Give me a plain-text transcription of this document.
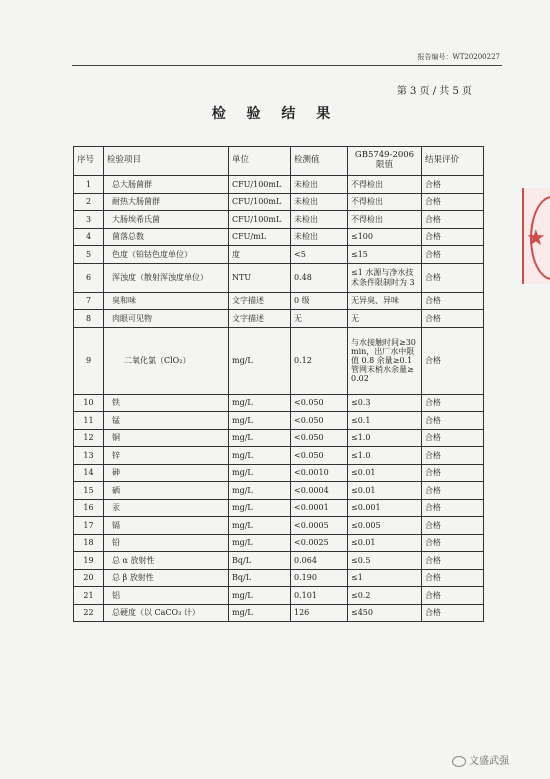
报告编号：WT20200227
第 3 页 / 共 5 页
检 验 结 果
序号	检验项目	单位	检测值	GB5749-2006 限值	结果评价
1	总大肠菌群	CFU/100mL	未检出	不得检出	合格
2	耐热大肠菌群	CFU/100mL	未检出	不得检出	合格
3	大肠埃希氏菌	CFU/100mL	未检出	不得检出	合格
4	菌落总数	CFU/mL	未检出	≤100	合格
5	色度（铂钴色度单位）	度	<5	≤15	合格
6	浑浊度（散射浑浊度单位）	NTU	0.48	≤1 水源与净水技术条件限制时为 3	合格
7	臭和味	文字描述	0 级	无异臭、异味	合格
8	肉眼可见物	文字描述	无	无	合格
9	二氧化氯（ClO₂）	mg/L	0.12	与水接触时间≥30min，出厂水中限值 0.8 余量≥0.1 管网末梢水余量≥0.02	合格
10	铁	mg/L	<0.050	≤0.3	合格
11	锰	mg/L	<0.050	≤0.1	合格
12	铜	mg/L	<0.050	≤1.0	合格
13	锌	mg/L	<0.050	≤1.0	合格
14	砷	mg/L	<0.0010	≤0.01	合格
15	硒	mg/L	<0.0004	≤0.01	合格
16	汞	mg/L	<0.0001	≤0.001	合格
17	镉	mg/L	<0.0005	≤0.005	合格
18	铅	mg/L	<0.0025	≤0.01	合格
19	总 α 放射性	Bq/L	0.064	≤0.5	合格
20	总 β 放射性	Bq/L	0.190	≤1	合格
21	铝	mg/L	0.101	≤0.2	合格
22	总硬度（以 CaCO₃ 计）	mg/L	126	≤450	合格
★
文盛武强
